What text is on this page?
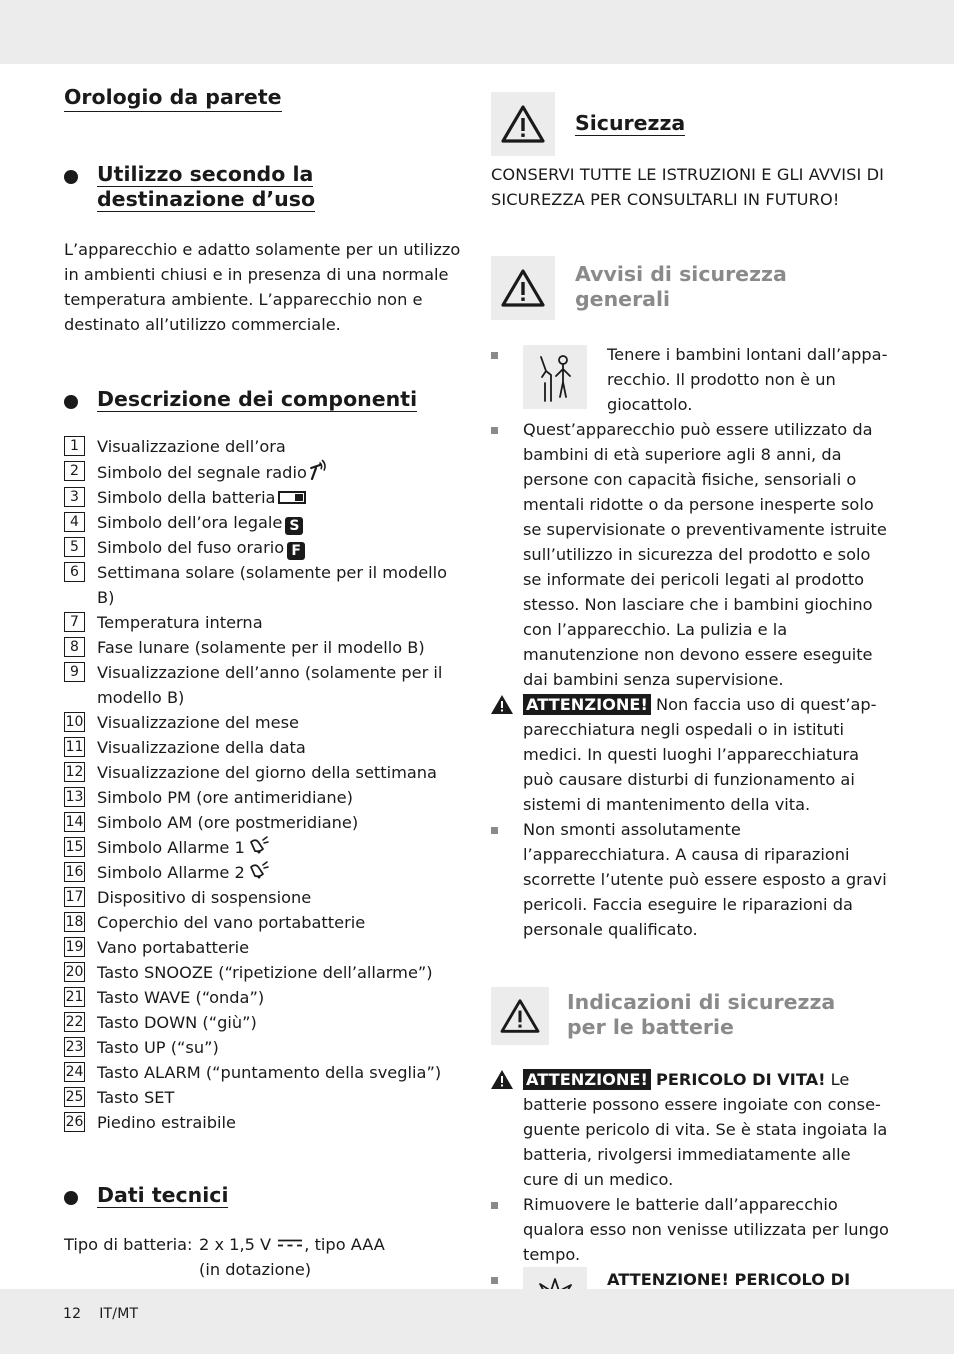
Orologio da parete
Utilizzo secondo la
destinazione d’uso

L’apparecchio e adatto solamente per un utilizzo in ambienti chiusi e in presenza di una normale temperatura ambiente. L’apparecchio non e destinato all’utilizzo commerciale.

Descrizione dei componenti
1	Visualizzazione dell’ora
2	Simbolo del segnale radio
3	Simbolo della batteria
4	Simbolo dell’ora legale S
5	Simbolo del fuso orario F
6	Settimana solare (solamente per il modello B)
7	Temperatura interna
8	Fase lunare (solamente per il modello B)
9	Visualizzazione dell’anno (solamente per il modello B)
10 Visualizzazione del mese
11 Visualizzazione della data
12 Visualizzazione del giorno della settimana
13 Simbolo PM (ore antimeridiane)
14 Simbolo AM (ore postmeridiane)
15 Simbolo Allarme 1
16 Simbolo Allarme 2
17 Dispositivo di sospensione
18 Coperchio del vano portabatterie
19 Vano portabatterie
20 Tasto SNOOZE (“ripetizione dell’allarme”)
21 Tasto WAVE (“onda”)
22 Tasto DOWN (“giù”)
23 Tasto UP (“su”)
24 Tasto ALARM (“puntamento della sveglia”)
25 Tasto SET
26 Piedino estraibile
Dati tecnici
Tipo di batteria: 2 x 1,5 V , tipo AAA
(in dotazione)
Sicurezza

CONSERVI TUTTE LE ISTRUZIONI E GLI AVVISI DI SICUREZZA PER CONSULTARLI IN FUTURO!

Avvisi di sicurezza
generali
Tenere i bambini lontani dall’apparecchio. Il prodotto non è un giocattolo.
Quest’apparecchio può essere utilizzato da bambini di età superiore agli 8 anni, da persone con capacità fisiche, sensoriali o mentali ridotte o da persone inesperte solo se supervisionate o preventivamente istruite sull’utilizzo in sicurezza del prodotto e solo se informate dei pericoli legati al prodotto stesso. Non lasciare che i bambini giochino con l’apparecchio. La pulizia e la manutenzione non devono essere eseguite dai bambini senza supervisione.
ATTENZIONE! Non faccia uso di quest’apparecchiatura negli ospedali o in istituti medici. In questi luoghi l’apparecchiatura può causare disturbi di funzionamento ai sistemi di mantenimento della vita.
Non smonti assolutamente l’apparecchiatura. A causa di riparazioni scorrette l’utente può essere esposto a gravi pericoli. Faccia eseguire le riparazioni da personale qualificato.
Indicazioni di sicurezza
per le batterie
ATTENZIONE! PERICOLO DI VITA! Le batterie possono essere ingoiate con conseguente pericolo di vita. Se è stata ingoiata la batteria, rivolgersi immediatamente alle cure di un medico.
Rimuovere le batterie dall’apparecchio qualora esso non venisse utilizzata per lungo tempo.
ATTENZIONE! PERICOLO DI
12 IT/MT
